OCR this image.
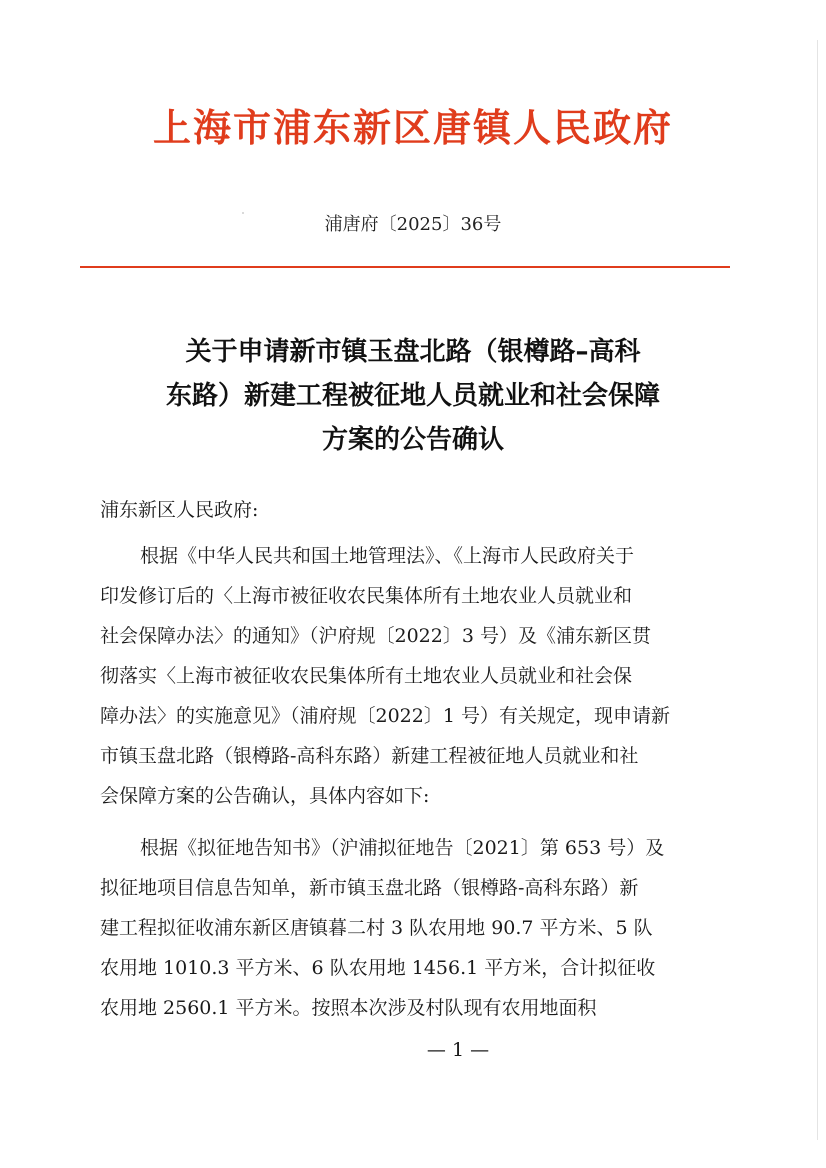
上海市浦东新区唐镇人民政府
浦唐府〔2025〕36号
关于申请新市镇玉盘北路（银樽路–高科
东路）新建工程被征地人员就业和社会保障
方案的公告确认
浦东新区人民政府:
根据《中华人民共和国土地管理法》、《上海市人民政府关于
印发修订后的〈上海市被征收农民集体所有土地农业人员就业和
社会保障办法〉的通知》（沪府规〔2022〕3 号）及《浦东新区贯
彻落实〈上海市被征收农民集体所有土地农业人员就业和社会保
障办法〉的实施意见》（浦府规〔2022〕1 号）有关规定，现申请新
市镇玉盘北路（银樽路-高科东路）新建工程被征地人员就业和社
会保障方案的公告确认，具体内容如下:
根据《拟征地告知书》（沪浦拟征地告〔2021〕第 653 号）及
拟征地项目信息告知单，新市镇玉盘北路（银樽路-高科东路）新
建工程拟征收浦东新区唐镇暮二村 3 队农用地 90.7 平方米、5 队
农用地 1010.3 平方米、6 队农用地 1456.1 平方米，合计拟征收
农用地 2560.1 平方米。按照本次涉及村队现有农用地面积
— 1 —
